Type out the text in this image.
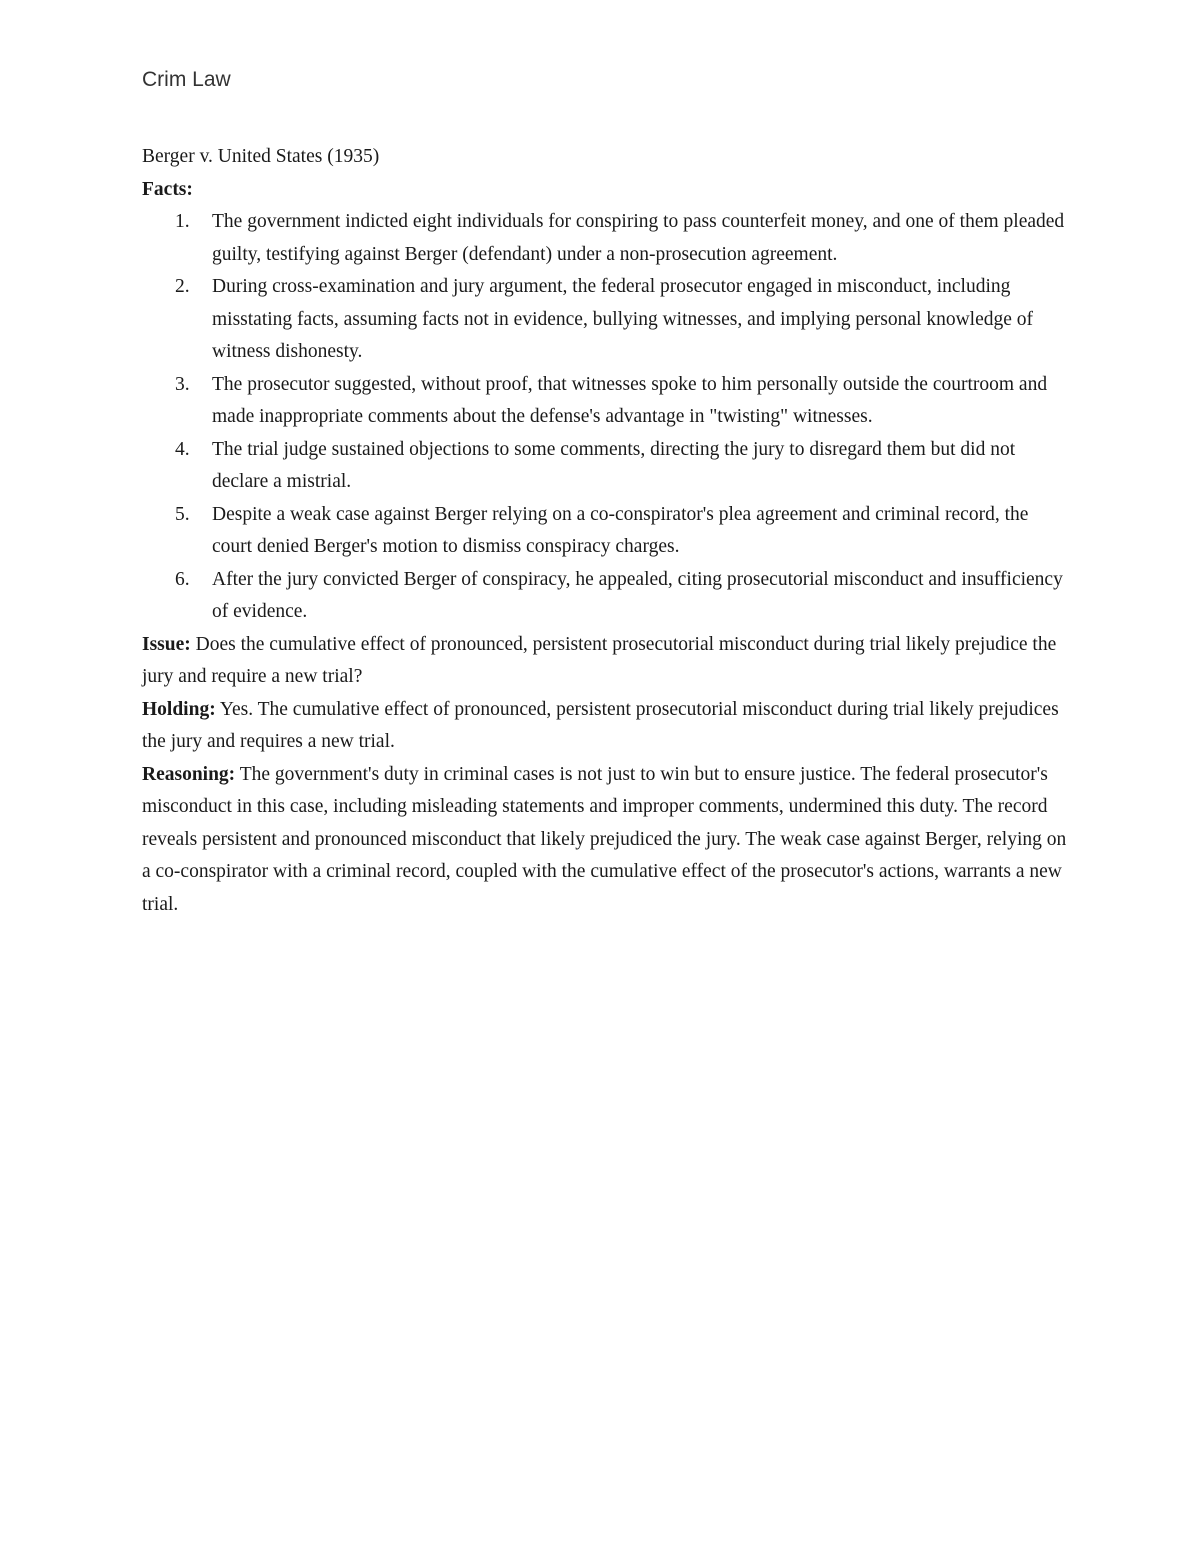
Crim Law

Berger v. United States (1935)

Facts:

1. The government indicted eight individuals for conspiring to pass counterfeit money, and one of them pleaded guilty, testifying against Berger (defendant) under a non-prosecution agreement.
2. During cross-examination and jury argument, the federal prosecutor engaged in misconduct, including misstating facts, assuming facts not in evidence, bullying witnesses, and implying personal knowledge of witness dishonesty.
3. The prosecutor suggested, without proof, that witnesses spoke to him personally outside the courtroom and made inappropriate comments about the defense's advantage in "twisting" witnesses.
4. The trial judge sustained objections to some comments, directing the jury to disregard them but did not declare a mistrial.
5. Despite a weak case against Berger relying on a co-conspirator's plea agreement and criminal record, the court denied Berger's motion to dismiss conspiracy charges.
6. After the jury convicted Berger of conspiracy, he appealed, citing prosecutorial misconduct and insufficiency of evidence.

Issue: Does the cumulative effect of pronounced, persistent prosecutorial misconduct during trial likely prejudice the jury and require a new trial?

Holding: Yes. The cumulative effect of pronounced, persistent prosecutorial misconduct during trial likely prejudices the jury and requires a new trial.

Reasoning: The government's duty in criminal cases is not just to win but to ensure justice. The federal prosecutor's misconduct in this case, including misleading statements and improper comments, undermined this duty. The record reveals persistent and pronounced misconduct that likely prejudiced the jury. The weak case against Berger, relying on a co-conspirator with a criminal record, coupled with the cumulative effect of the prosecutor's actions, warrants a new trial.
